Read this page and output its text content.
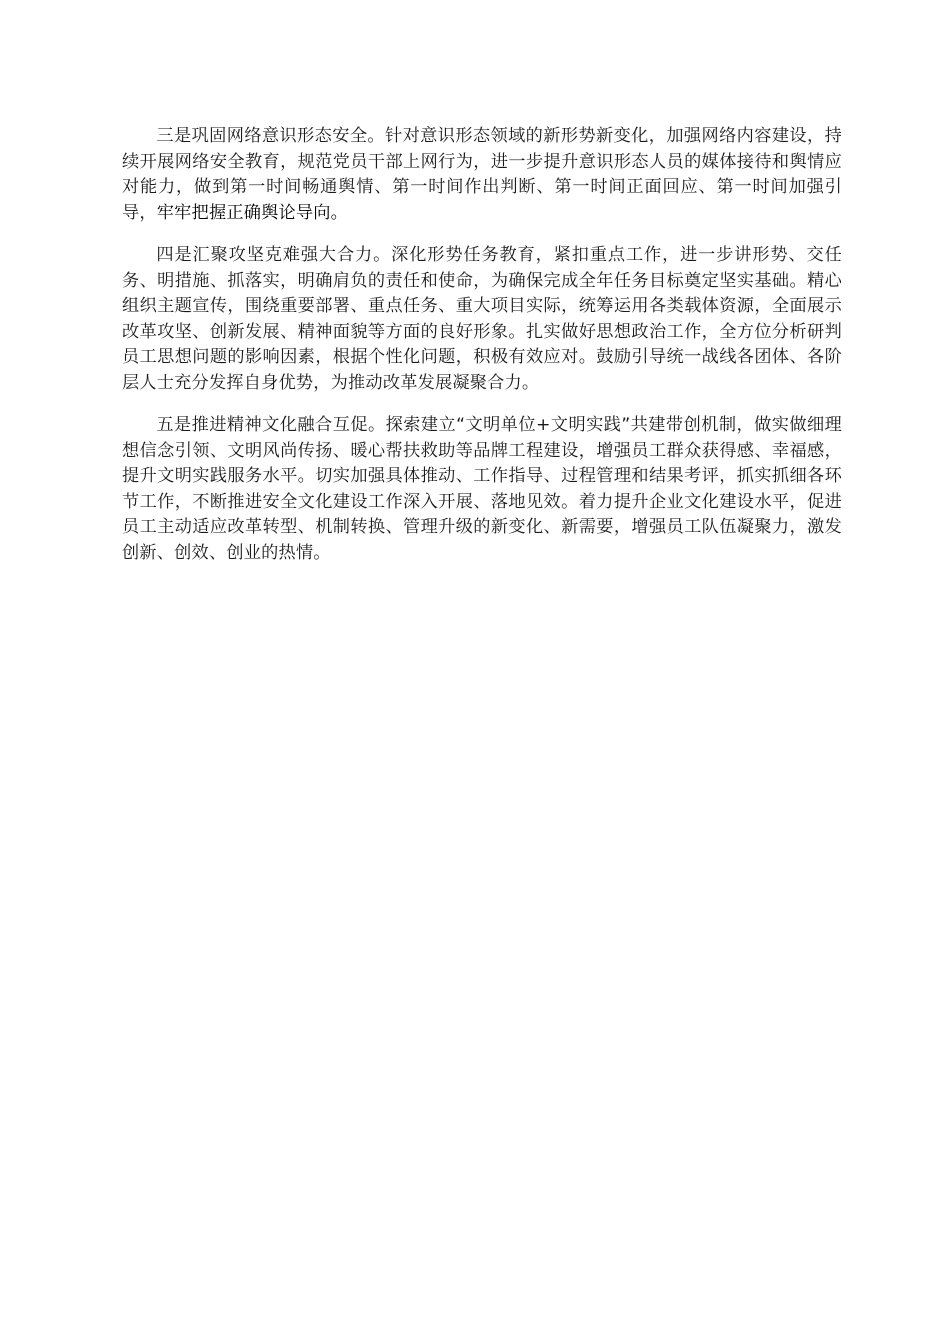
三是巩固网络意识形态安全。针对意识形态领域的新形势新变化，加强网络内容建设，持续开展网络安全教育，规范党员干部上网行为，进一步提升意识形态人员的媒体接待和舆情应对能力，做到第一时间畅通舆情、第一时间作出判断、第一时间正面回应、第一时间加强引导，牢牢把握正确舆论导向。

四是汇聚攻坚克难强大合力。深化形势任务教育，紧扣重点工作，进一步讲形势、交任务、明措施、抓落实，明确肩负的责任和使命，为确保完成全年任务目标奠定坚实基础。精心组织主题宣传，围绕重要部署、重点任务、重大项目实际，统筹运用各类载体资源，全面展示改革攻坚、创新发展、精神面貌等方面的良好形象。扎实做好思想政治工作，全方位分析研判员工思想问题的影响因素，根据个性化问题，积极有效应对。鼓励引导统一战线各团体、各阶层人士充分发挥自身优势，为推动改革发展凝聚合力。

五是推进精神文化融合互促。探索建立“文明单位+文明实践”共建带创机制，做实做细理想信念引领、文明风尚传扬、暖心帮扶救助等品牌工程建设，增强员工群众获得感、幸福感，提升文明实践服务水平。切实加强具体推动、工作指导、过程管理和结果考评，抓实抓细各环节工作，不断推进安全文化建设工作深入开展、落地见效。着力提升企业文化建设水平，促进员工主动适应改革转型、机制转换、管理升级的新变化、新需要，增强员工队伍凝聚力，激发创新、创效、创业的热情。
